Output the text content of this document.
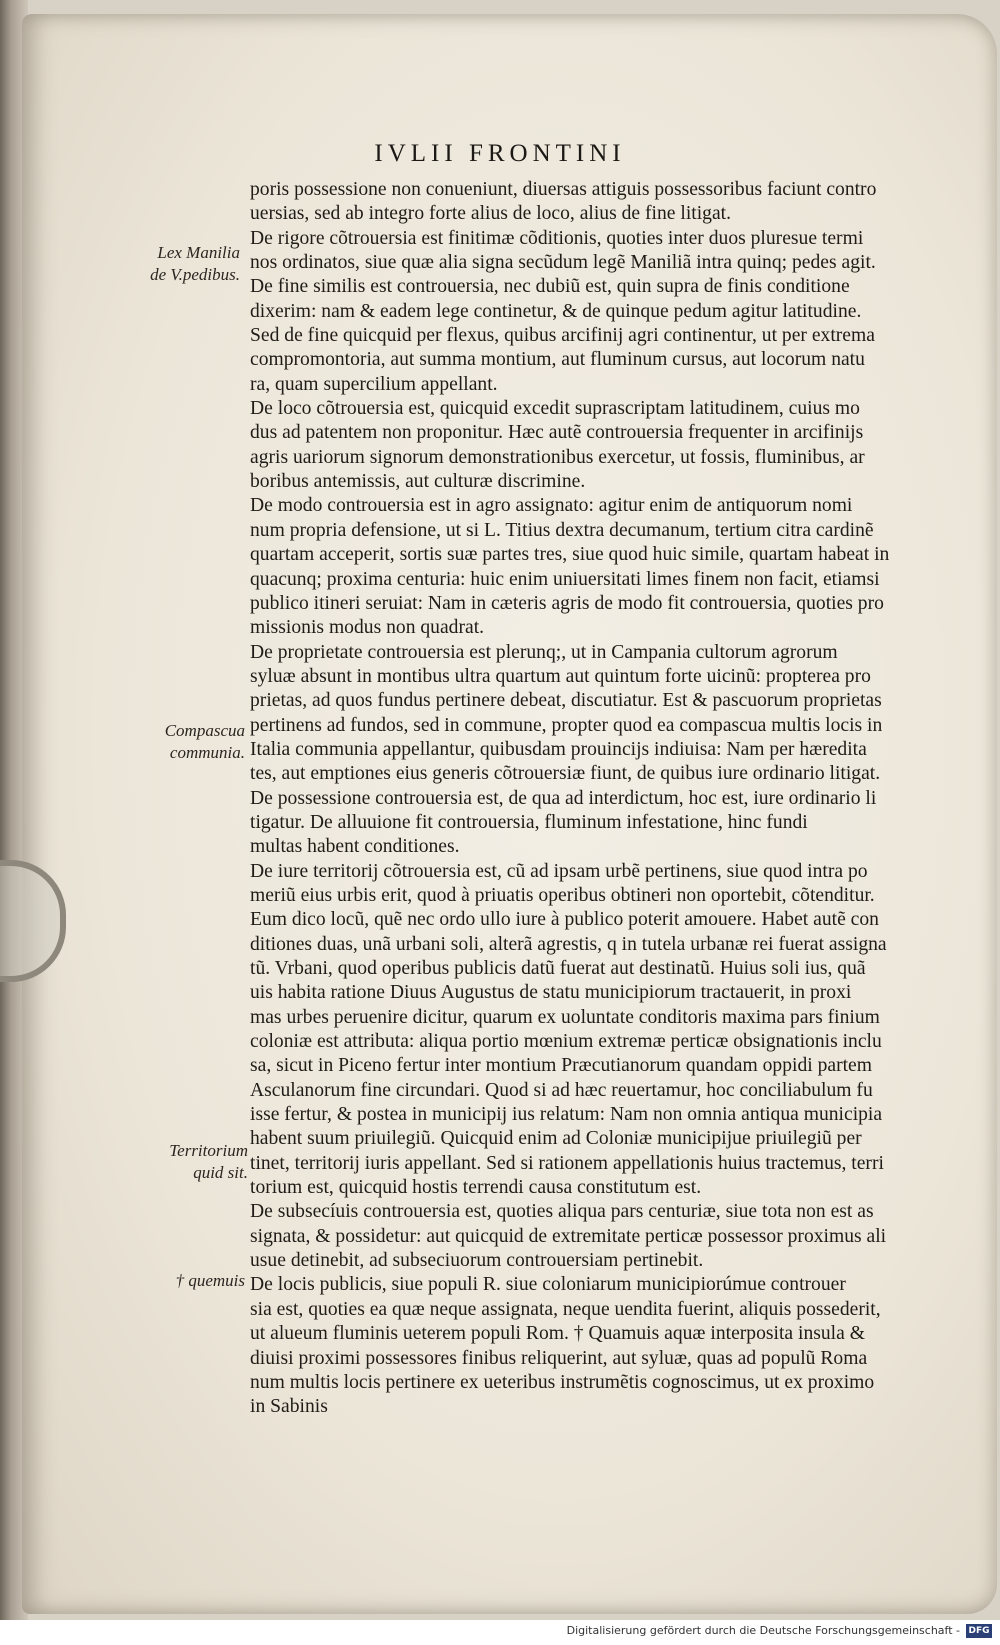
IVLII FRONTINI
Lex Manilia
de V.pedibus.
Compascua
communia.
Territorium
quid sit.
† quemuis
poris possessione non conueniunt, diuersas attiguis possessoribus faciunt contro
uersias, sed ab integro forte alius de loco, alius de fine litigat.
De rigore cõtrouersia est finitimæ cõditionis, quoties inter duos pluresue termi
nos ordinatos, siue quæ alia signa secũdum legẽ Maniliã intra quinq; pedes agit.
De fine similis est controuersia, nec dubiũ est, quin supra de finis conditione
dixerim: nam & eadem lege continetur, & de quinque pedum agitur latitudine.
Sed de fine quicquid per flexus, quibus arcifinij agri continentur, ut per extrema
compromontoria, aut summa montium, aut fluminum cursus, aut locorum natu
ra, quam supercilium appellant.
De loco cõtrouersia est, quicquid excedit suprascriptam latitudinem, cuius mo
dus ad patentem non proponitur. Hæc autẽ controuersia frequenter in arcifinijs
agris uariorum signorum demonstrationibus exercetur, ut fossis, fluminibus, ar
boribus antemissis, aut culturæ discrimine.
De modo controuersia est in agro assignato: agitur enim de antiquorum nomi
num propria defensione, ut si L. Titius dextra decumanum, tertium citra cardinẽ
quartam acceperit, sortis suæ partes tres, siue quod huic simile, quartam habeat in
quacunq; proxima centuria: huic enim uniuersitati limes finem non facit, etiamsi
publico itineri seruiat: Nam in cæteris agris de modo fit controuersia, quoties pro
missionis modus non quadrat.
De proprietate controuersia est plerunq;, ut in Campania cultorum agrorum
syluæ absunt in montibus ultra quartum aut quintum forte uicinũ: propterea pro
prietas, ad quos fundus pertinere debeat, discutiatur. Est & pascuorum proprietas
pertinens ad fundos, sed in commune, propter quod ea compascua multis locis in
Italia communia appellantur, quibusdam prouincijs indiuisa: Nam per hæredita
tes, aut emptiones eius generis cõtrouersiæ fiunt, de quibus iure ordinario litigat.
De possessione controuersia est, de qua ad interdictum, hoc est, iure ordinario li
tigatur. De alluuione fit controuersia, fluminum infestatione, hinc fundi
multas habent conditiones.
De iure territorij cõtrouersia est, cũ ad ipsam urbẽ pertinens, siue quod intra po
meriũ eius urbis erit, quod à priuatis operibus obtineri non oportebit, cõtenditur.
Eum dico locũ, quẽ nec ordo ullo iure à publico poterit amouere. Habet autẽ con
ditiones duas, unã urbani soli, alterã agrestis, q in tutela urbanæ rei fuerat assigna
tũ. Vrbani, quod operibus publicis datũ fuerat aut destinatũ. Huius soli ius, quã
uis habita ratione Diuus Augustus de statu municipiorum tractauerit, in proxi
mas urbes peruenire dicitur, quarum ex uoluntate conditoris maxima pars finium
coloniæ est attributa: aliqua portio mœnium extremæ perticæ obsignationis inclu
sa, sicut in Piceno fertur inter montium Præcutianorum quandam oppidi partem
Asculanorum fine circundari. Quod si ad hæc reuertamur, hoc conciliabulum fu
isse fertur, & postea in municipij ius relatum: Nam non omnia antiqua municipia
habent suum priuilegiũ. Quicquid enim ad Coloniæ municipijue priuilegiũ per
tinet, territorij iuris appellant. Sed si rationem appellationis huius tractemus, terri
torium est, quicquid hostis terrendi causa constitutum est.
De subsecíuis controuersia est, quoties aliqua pars centuriæ, siue tota non est as
signata, & possidetur: aut quicquid de extremitate perticæ possessor proximus ali
usue detinebit, ad subseciuorum controuersiam pertinebit.
De locis publicis, siue populi R. siue coloniarum municipiorúmue controuer
sia est, quoties ea quæ neque assignata, neque uendita fuerint, aliquis possederit,
ut alueum fluminis ueterem populi Rom. † Quamuis aquæ interposita insula &
diuisi proximi possessores finibus reliquerint, aut syluæ, quas ad populũ Roma
num multis locis pertinere ex ueteribus instrumẽtis cognoscimus, ut ex proximo
in Sabinis
Digitalisierung gefördert durch die Deutsche Forschungsgemeinschaft - DFG
